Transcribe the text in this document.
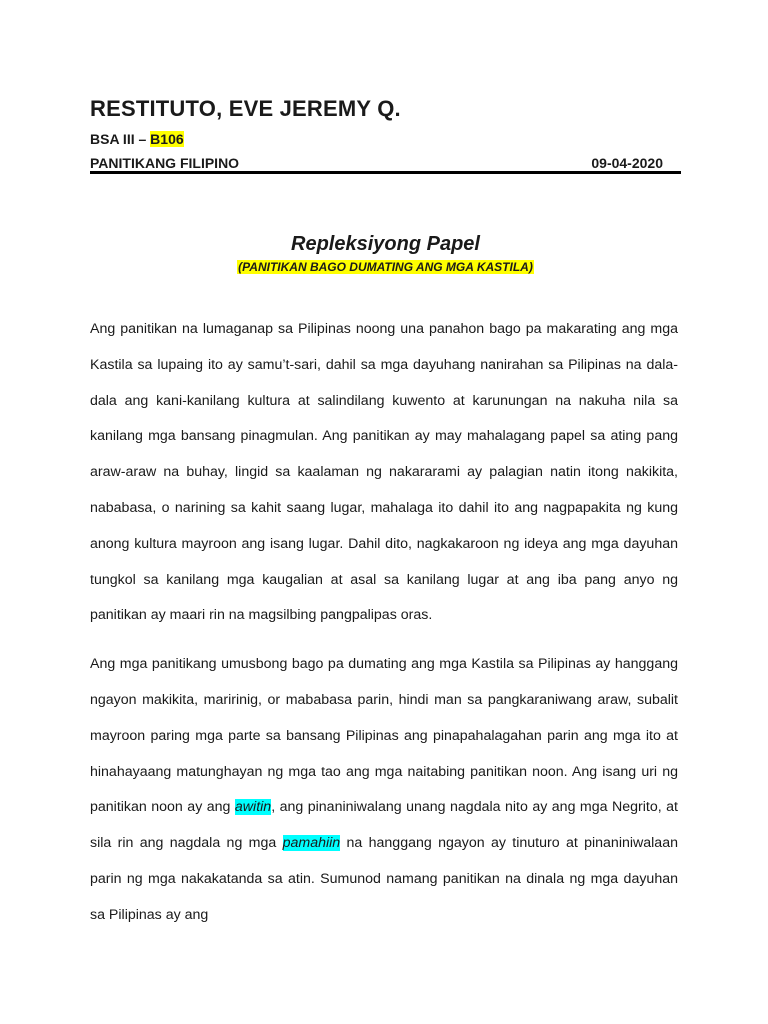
RESTITUTO, EVE JEREMY Q.
BSA III – B106
PANITIKANG FILIPINO	09-04-2020
Repleksiyong Papel
(PANITIKAN BAGO DUMATING ANG MGA KASTILA)

Ang panitikan na lumaganap sa Pilipinas noong una panahon bago pa makarating ang mga Kastila sa lupaing ito ay samu’t-sari, dahil sa mga dayuhang nanirahan sa Pilipinas na dala-dala ang kani-kanilang kultura at salindilang kuwento at karunungan na nakuha nila sa kanilang mga bansang pinagmulan. Ang panitikan ay may mahalagang papel sa ating pang araw-araw na buhay, lingid sa kaalaman ng nakararami ay palagian natin itong nakikita, nababasa, o narining sa kahit saang lugar, mahalaga ito dahil ito ang nagpapakita ng kung anong kultura mayroon ang isang lugar. Dahil dito, nagkakaroon ng ideya ang mga dayuhan tungkol sa kanilang mga kaugalian at asal sa kanilang lugar at ang iba pang anyo ng panitikan ay maari rin na magsilbing pangpalipas oras.

Ang mga panitikang umusbong bago pa dumating ang mga Kastila sa Pilipinas ay hanggang ngayon makikita, maririnig, or mababasa parin, hindi man sa pangkaraniwang araw, subalit mayroon paring mga parte sa bansang Pilipinas ang pinapahalagahan parin ang mga ito at hinahayaang matunghayan ng mga tao ang mga naitabing panitikan noon. Ang isang uri ng panitikan noon ay ang awitin, ang pinaniniwalang unang nagdala nito ay ang mga Negrito, at sila rin ang nagdala ng mga pamahiin na hanggang ngayon ay tinuturo at pinaniniwalaan parin ng mga nakakatanda sa atin. Sumunod namang panitikan na dinala ng mga dayuhan sa Pilipinas ay ang
